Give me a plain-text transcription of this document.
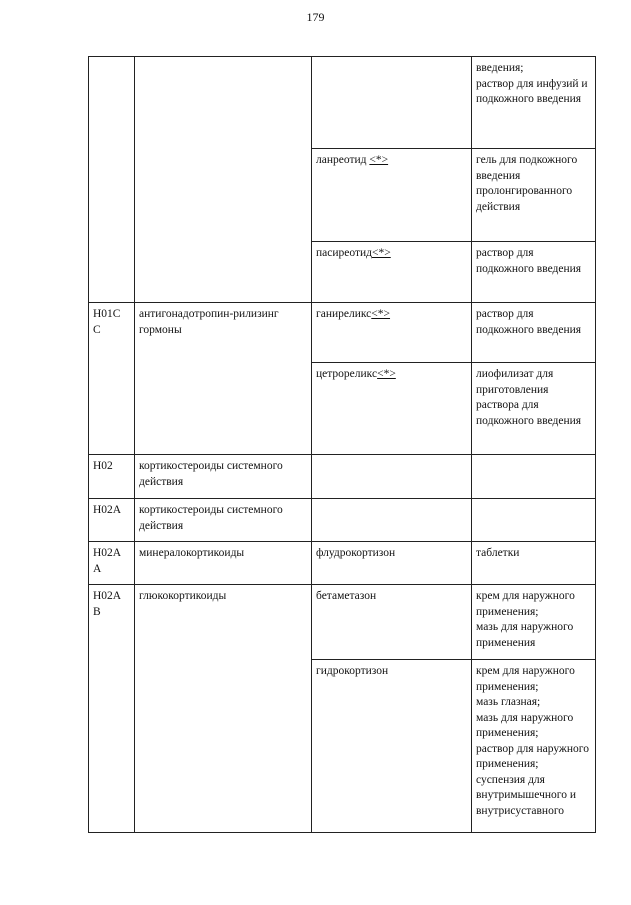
179

			введения;
раствор для инфузий и подкожного введения

		ланреотид <*>	гель для подкожного введения пролонгированного действия

		пасиреотид<*>	раствор для подкожного введения

H01C C	антигонадотропин-рилизинг гормоны	ганиреликс<*>	раствор для подкожного введения

		цетрореликс<*>	лиофилизат для приготовления раствора для подкожного введения

H02	кортикостероиды системного действия		
H02A	кортикостероиды системного действия		
H02A A	минералокортикоиды	флудрокортизон	таблетки

H02A B	глюкокортикоиды	бетаметазон	крем для наружного применения;
мазь для наружного применения

		гидрокортизон	крем для наружного применения;
мазь глазная;
мазь для наружного применения;
раствор для наружного применения;
суспензия для внутримышечного и внутрисуставного
